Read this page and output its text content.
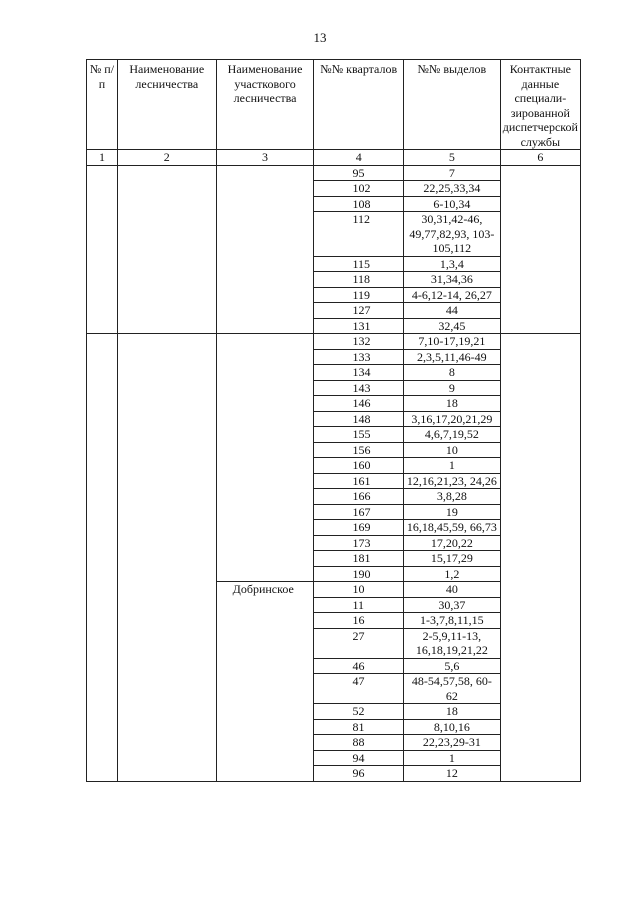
13
№ п/п	Наименование лесничества	Наименование участкового лесничества	№№ кварталов	№№ выделов	Контактные данные специали-зированной диспетчерской службы
1	2	3	4	5	6
			95	7	
			102	22,25,33,34	
			108	6-10,34	
			112	30,31,42-46, 49,77,82,93, 103-105,112	
			115	1,3,4	
			118	31,34,36	
			119	4-6,12-14, 26,27	
			127	44	
			131	32,45	
			132	7,10-17,19,21	
			133	2,3,5,11,46-49	
			134	8	
			143	9	
			146	18	
			148	3,16,17,20,21,29	
			155	4,6,7,19,52	
			156	10	
			160	1	
			161	12,16,21,23, 24,26	
			166	3,8,28	
			167	19	
			169	16,18,45,59, 66,73	
			173	17,20,22	
			181	15,17,29	
			190	1,2	
		Добринское	10	40	
			11	30,37	
			16	1-3,7,8,11,15	
			27	2-5,9,11-13, 16,18,19,21,22	
			46	5,6	
			47	48-54,57,58, 60-62	
			52	18	
			81	8,10,16	
			88	22,23,29-31	
			94	1	
			96	12	
